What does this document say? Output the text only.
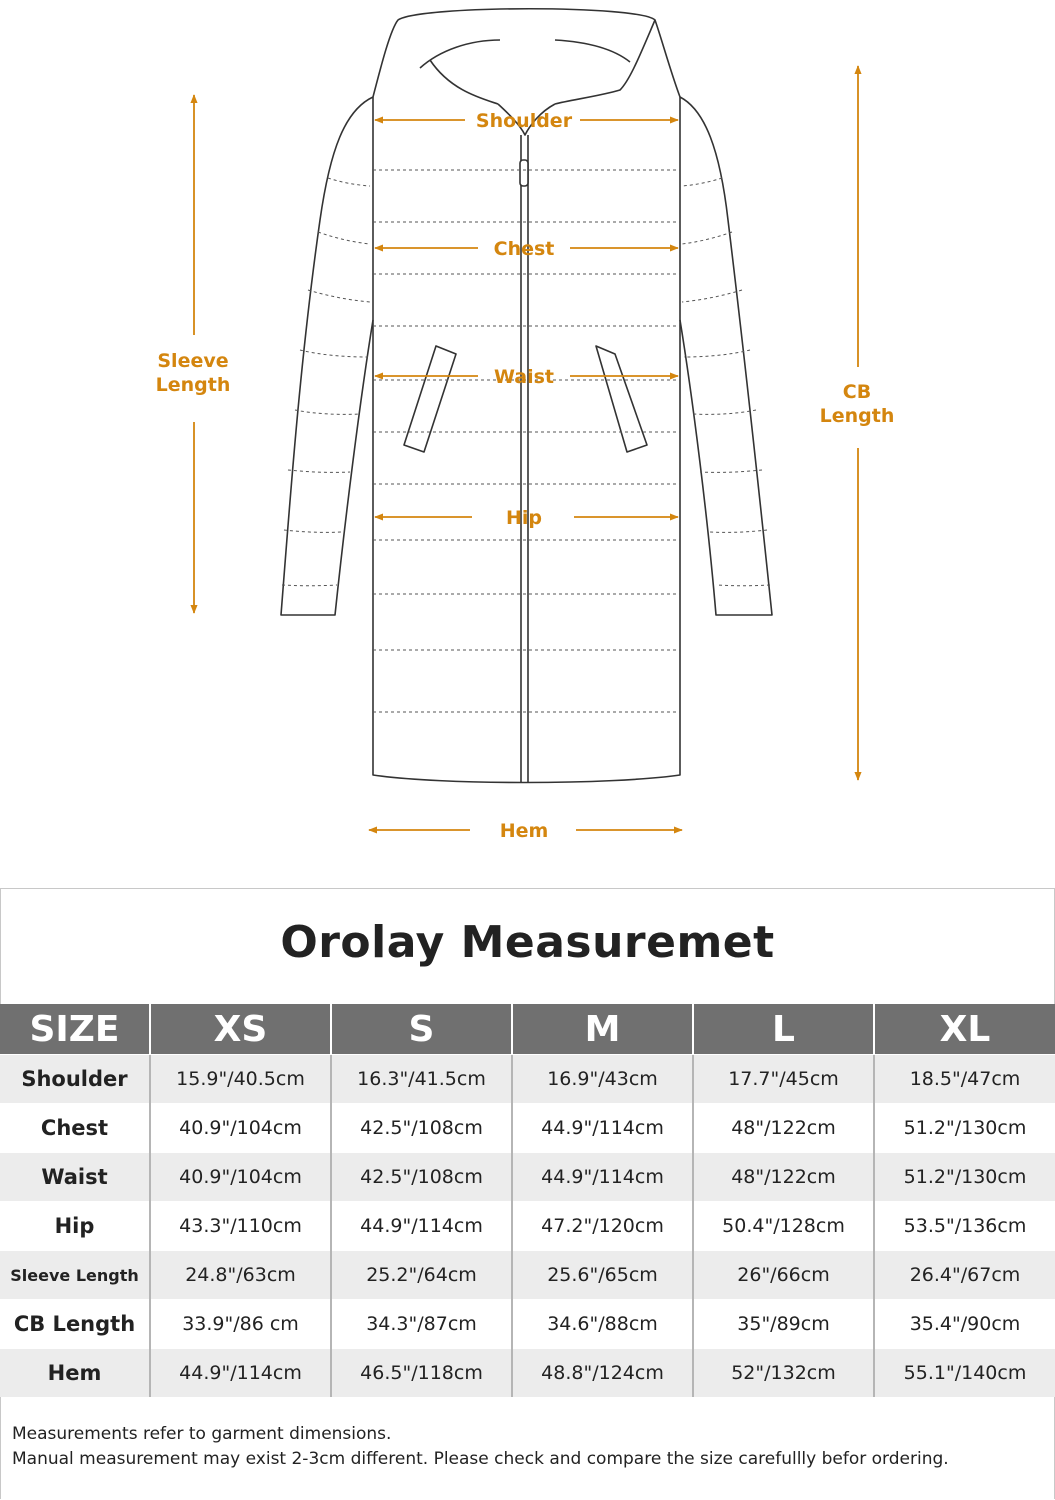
Shoulder
Chest
Waist
Hip
Hem
Sleeve
Length	CB
Length
Orolay Measuremet
SIZE	XS	S	M	L	XL
Shoulder	15.9"/40.5cm	16.3"/41.5cm	16.9"/43cm	17.7"/45cm	18.5"/47cm
Chest	40.9"/104cm	42.5"/108cm	44.9"/114cm	48"/122cm	51.2"/130cm
Waist	40.9"/104cm	42.5"/108cm	44.9"/114cm	48"/122cm	51.2"/130cm
Hip	43.3"/110cm	44.9"/114cm	47.2"/120cm	50.4"/128cm	53.5"/136cm
Sleeve Length	24.8"/63cm	25.2"/64cm	25.6"/65cm	26"/66cm	26.4"/67cm
CB Length	33.9"/86 cm	34.3"/87cm	34.6"/88cm	35"/89cm	35.4"/90cm
Hem	44.9"/114cm	46.5"/118cm	48.8"/124cm	52"/132cm	55.1"/140cm
Measurements refer to garment dimensions.
Manual measurement may exist 2-3cm different. Please check and compare the size carefullly befor ordering.
